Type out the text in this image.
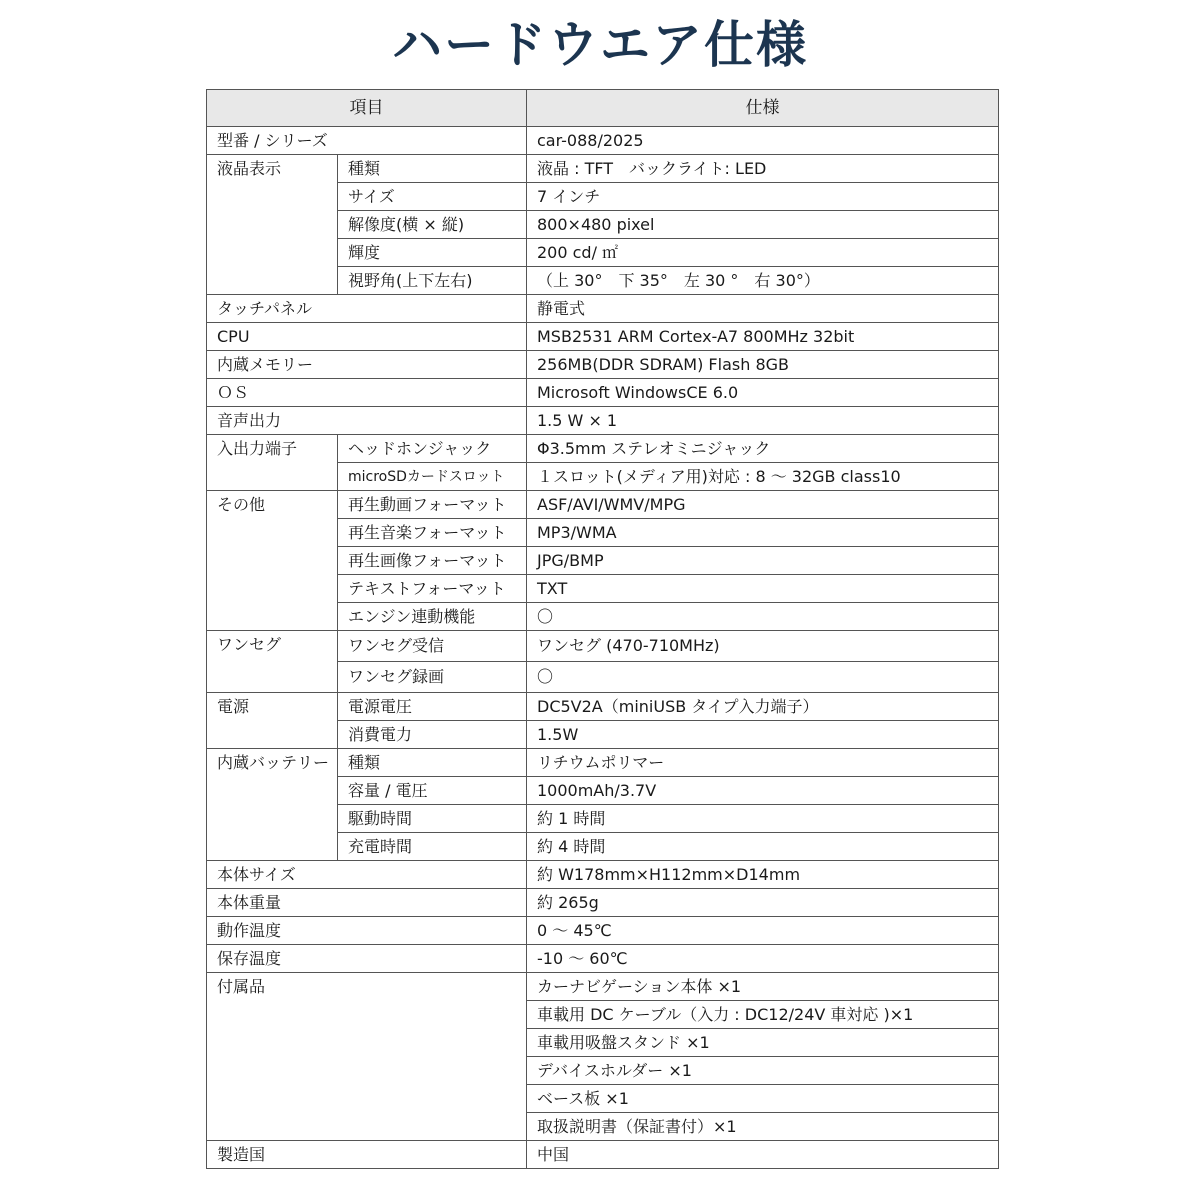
ハードウエア仕様
項目		仕様
型番 / シリーズ		car-088/2025
液晶表示	種類	液晶 : TFT　バックライト: LED
	サイズ	7 インチ
	解像度(横 × 縦)	800×480 pixel
	輝度	200 cd/ ㎡
	視野角(上下左右)	（上 30°　下 35°　左 30 °　右 30°）
タッチパネル		静電式
CPU		MSB2531 ARM Cortex-A7 800MHz 32bit
内蔵メモリー		256MB(DDR SDRAM) Flash 8GB
ＯＳ		Microsoft WindowsCE 6.0
音声出力		1.5 W × 1
入出力端子	ヘッドホンジャック	Φ3.5mm ステレオミニジャック
	microSDカードスロット	１スロット(メディア用)対応 : 8 ～ 32GB class10
その他	再生動画フォーマット	ASF/AVI/WMV/MPG
	再生音楽フォーマット	MP3/WMA
	再生画像フォーマット	JPG/BMP
	テキストフォーマット	TXT
	エンジン連動機能	〇
ワンセグ	ワンセグ受信	ワンセグ (470-710MHz)
	ワンセグ録画	〇
電源	電源電圧	DC5V2A（miniUSB タイプ入力端子）
	消費電力	1.5W
内蔵バッテリー	種類	リチウムポリマー
	容量 / 電圧	1000mAh/3.7V
	駆動時間	約 1 時間
	充電時間	約 4 時間
本体サイズ		約 W178mm×H112mm×D14mm
本体重量		約 265g
動作温度		0 ～ 45℃
保存温度		-10 ～ 60℃
付属品		カーナビゲーション本体 ×1
		車載用 DC ケーブル（入力 : DC12/24V 車対応 )×1
		車載用吸盤スタンド ×1
		デバイスホルダー ×1
		ベース板 ×1
		取扱説明書（保証書付）×1
製造国		中国
